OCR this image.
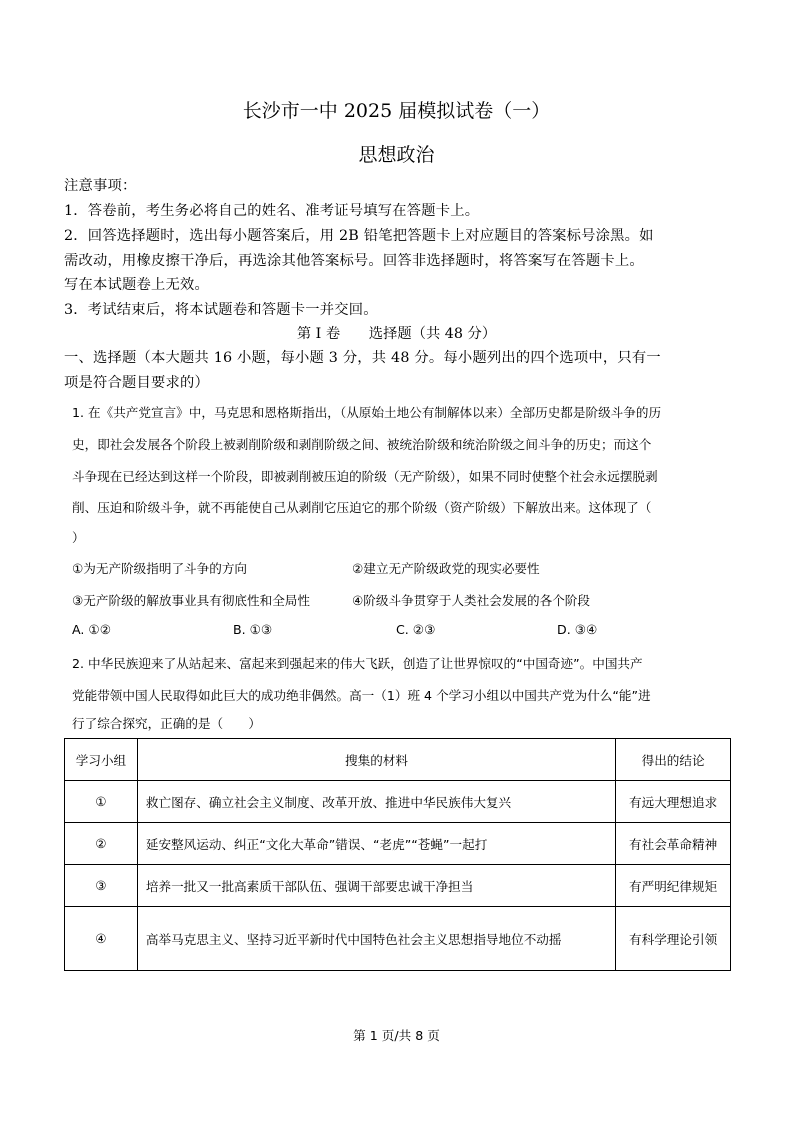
长沙市一中 2025 届模拟试卷（一）
思想政治
注意事项：
1．答卷前，考生务必将自己的姓名、准考证号填写在答题卡上。
2．回答选择题时，选出每小题答案后，用 2B 铅笔把答题卡上对应题目的答案标号涂黑。如
需改动，用橡皮擦干净后，再选涂其他答案标号。回答非选择题时，将答案写在答题卡上。
写在本试题卷上无效。
3．考试结束后，将本试题卷和答题卡一并交回。
第 I 卷　　选择题（共 48 分）
一、选择题（本大题共 16 小题，每小题 3 分，共 48 分。每小题列出的四个选项中，只有一
项是符合题目要求的）
1. 在《共产党宣言》中，马克思和恩格斯指出，（从原始土地公有制解体以来）全部历史都是阶级斗争的历
史，即社会发展各个阶段上被剥削阶级和剥削阶级之间、被统治阶级和统治阶级之间斗争的历史；而这个
斗争现在已经达到这样一个阶段，即被剥削被压迫的阶级（无产阶级），如果不同时使整个社会永远摆脱剥
削、压迫和阶级斗争，就不再能使自己从剥削它压迫它的那个阶级（资产阶级）下解放出来。这体现了（
）
①为无产阶级指明了斗争的方向	②建立无产阶级政党的现实必要性
③无产阶级的解放事业具有彻底性和全局性	④阶级斗争贯穿于人类社会发展的各个阶段
A. ①②	B. ①③	C. ②③	D. ③④
2. 中华民族迎来了从站起来、富起来到强起来的伟大飞跃，创造了让世界惊叹的“中国奇迹”。中国共产
党能带领中国人民取得如此巨大的成功绝非偶然。高一（1）班 4 个学习小组以中国共产党为什么“能”进
行了综合探究，正确的是（　　）
学习小组	搜集的材料	得出的结论
①	救亡图存、确立社会主义制度、改革开放、推进中华民族伟大复兴	有远大理想追求
②	延安整风运动、纠正“文化大革命”错误、“老虎”“苍蝇”一起打	有社会革命精神
③	培养一批又一批高素质干部队伍、强调干部要忠诚干净担当	有严明纪律规矩
④	高举马克思主义、坚持习近平新时代中国特色社会主义思想指导地位不动摇	有科学理论引领
第 1 页/共 8 页
